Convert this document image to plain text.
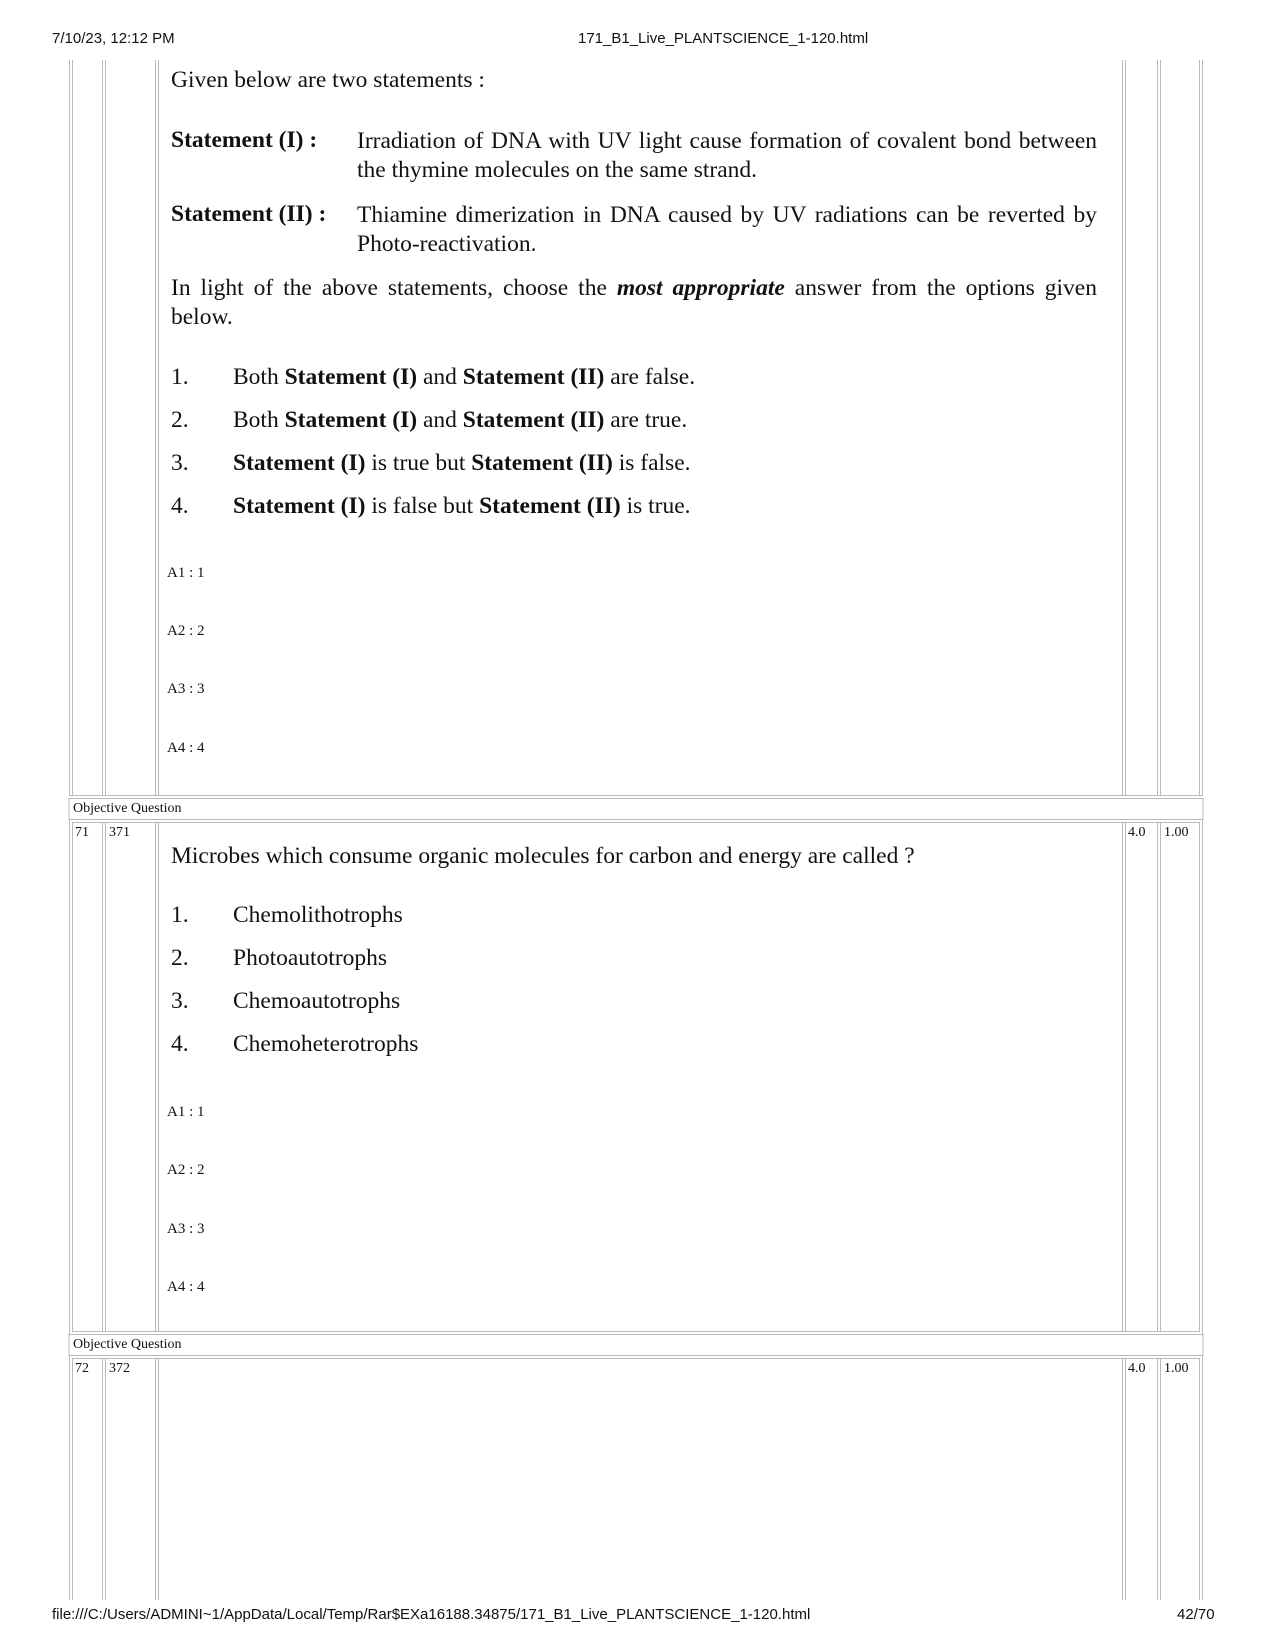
7/10/23, 12:12 PM	171_B1_Live_PLANTSCIENCE_1-120.html
Given below are two statements :
Statement (I) : Irradiation of DNA with UV light cause formation of covalent bond between the thymine molecules on the same strand.
Statement (II) : Thiamine dimerization in DNA caused by UV radiations can be reverted by Photo-reactivation.
In light of the above statements, choose the most appropriate answer from the options given below.
1. Both Statement (I) and Statement (II) are false.
2. Both Statement (I) and Statement (II) are true.
3. Statement (I) is true but Statement (II) is false.
4. Statement (I) is false but Statement (II) is true.
A1 : 1
A2 : 2
A3 : 3
A4 : 4
Objective Question
71 371	4.0 1.00
Microbes which consume organic molecules for carbon and energy are called ?
1. Chemolithotrophs
2. Photoautotrophs
3. Chemoautotrophs
4. Chemoheterotrophs
A1 : 1
A2 : 2
A3 : 3
A4 : 4
Objective Question
72 372	4.0 1.00
file:///C:/Users/ADMINI~1/AppData/Local/Temp/Rar$EXa16188.34875/171_B1_Live_PLANTSCIENCE_1-120.html	42/70
